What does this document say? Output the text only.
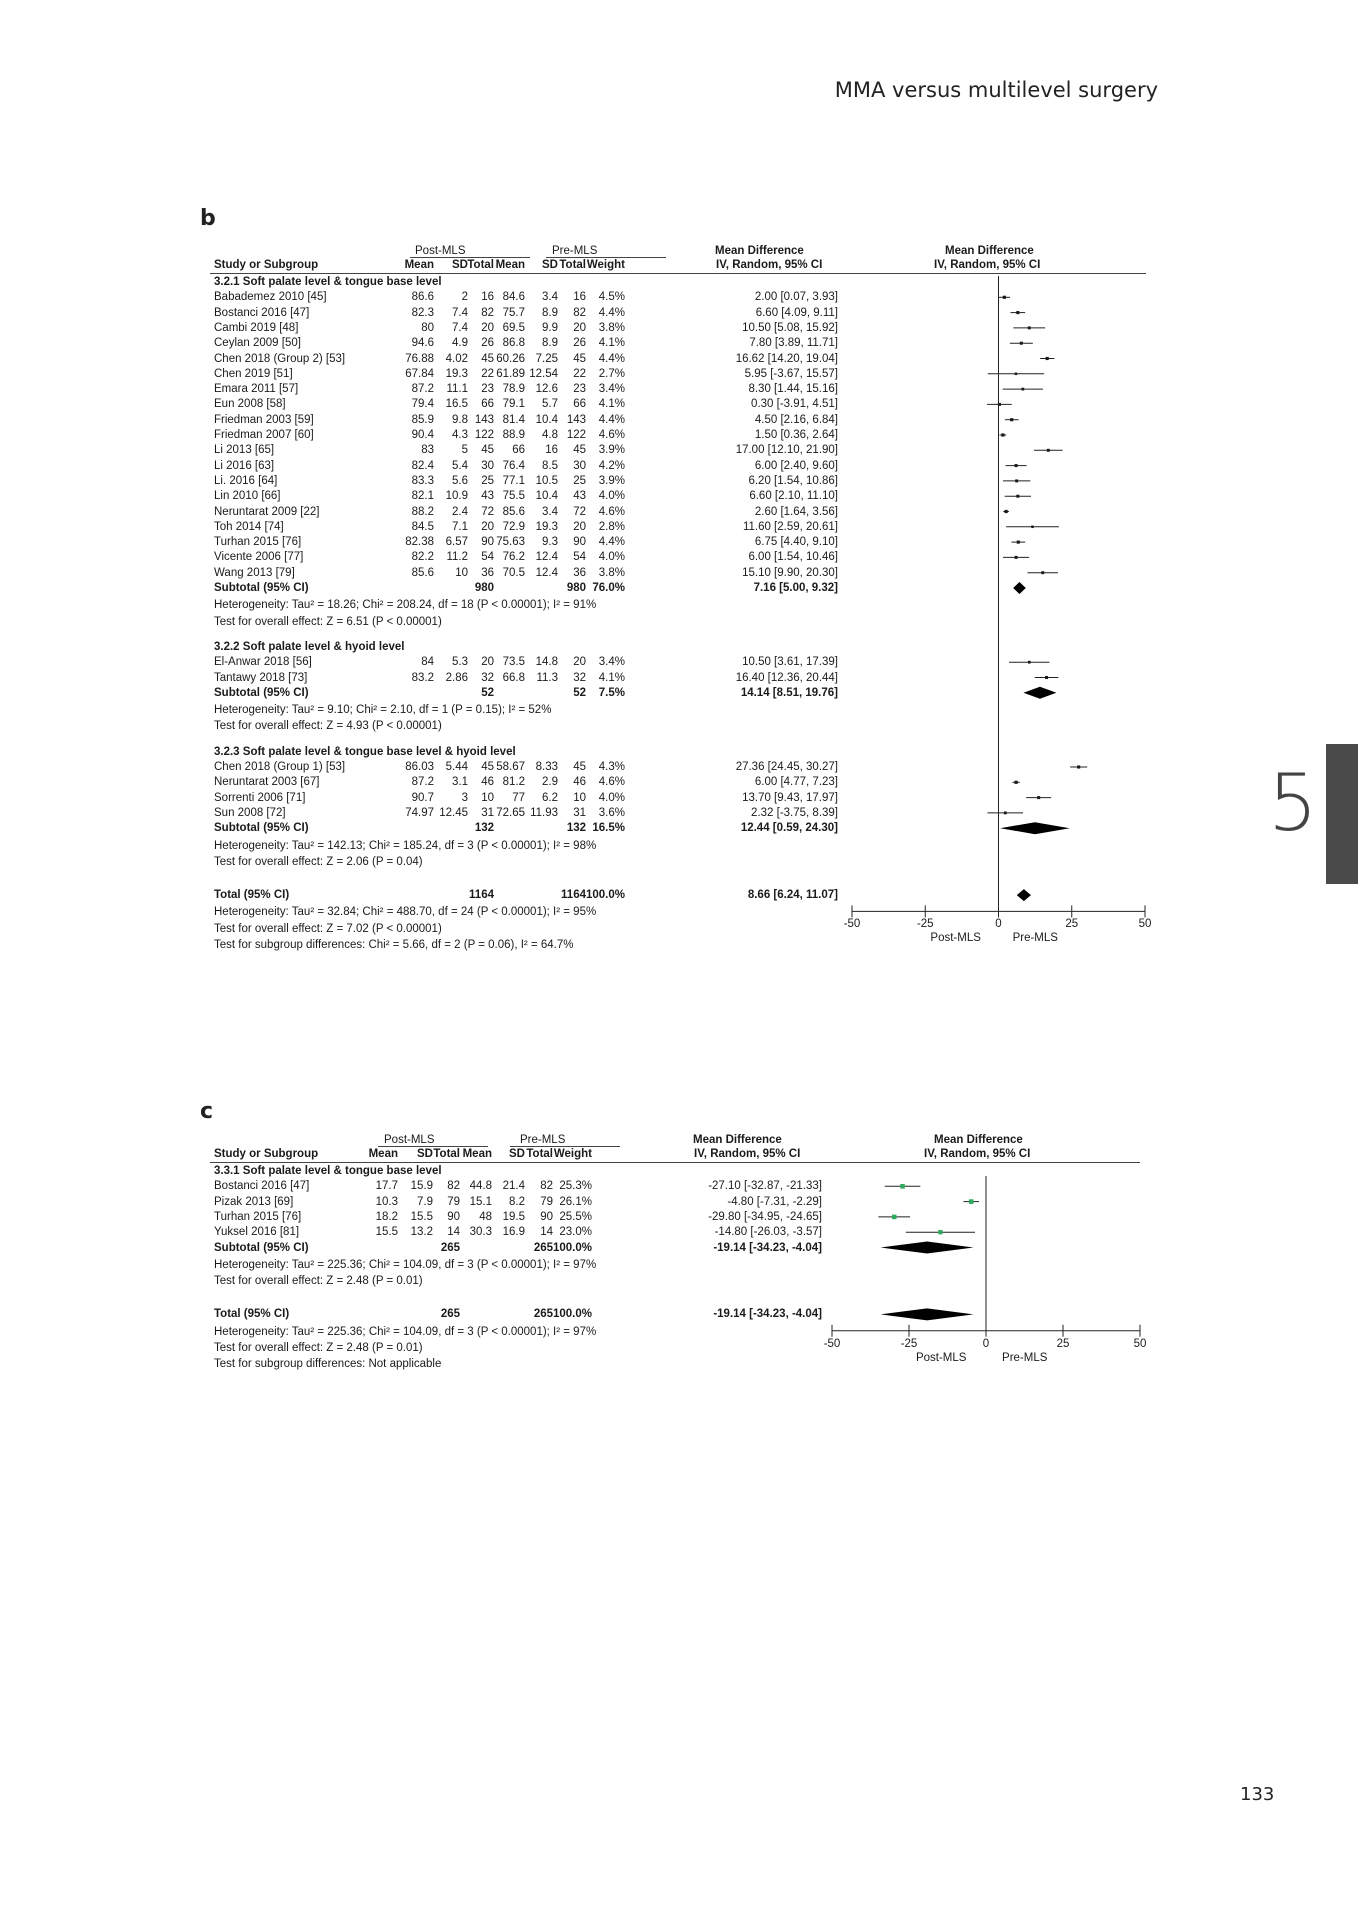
MMA versus multilevel surgery
b
Post-MLS	Pre-MLS	Mean Difference	Mean Difference
Study or Subgroup	Mean SD Total Mean SD Total Weight	IV, Random, 95% CI	IV, Random, 95% CI
3.2.1 Soft palate level & tongue base level
Babademez 2010 [45]	86.6 2 16 84.6 3.4 16 4.5%	2.00 [0.07, 3.93]
Bostanci 2016 [47]	82.3 7.4 82 75.7 8.9 82 4.4%	6.60 [4.09, 9.11]
Cambi 2019 [48]	80 7.4 20 69.5 9.9 20 3.8%	10.50 [5.08, 15.92]
Ceylan 2009 [50]	94.6 4.9 26 86.8 8.9 26 4.1%	7.80 [3.89, 11.71]
Chen 2018 (Group 2) [53]	76.88 4.02 45 60.26 7.25 45 4.4%	16.62 [14.20, 19.04]
Chen 2019 [51]	67.84 19.3 22 61.89 12.54 22 2.7%	5.95 [-3.67, 15.57]
Emara 2011 [57]	87.2 11.1 23 78.9 12.6 23 3.4%	8.30 [1.44, 15.16]
Eun 2008 [58]	79.4 16.5 66 79.1 5.7 66 4.1%	0.30 [-3.91, 4.51]
Friedman 2003 [59]	85.9 9.8 143 81.4 10.4 143 4.4%	4.50 [2.16, 6.84]
Friedman 2007 [60]	90.4 4.3 122 88.9 4.8 122 4.6%	1.50 [0.36, 2.64]
Li 2013 [65]	83 5 45 66 16 45 3.9%	17.00 [12.10, 21.90]
Li 2016 [63]	82.4 5.4 30 76.4 8.5 30 4.2%	6.00 [2.40, 9.60]
Li. 2016 [64]	83.3 5.6 25 77.1 10.5 25 3.9%	6.20 [1.54, 10.86]
Lin 2010 [66]	82.1 10.9 43 75.5 10.4 43 4.0%	6.60 [2.10, 11.10]
Neruntarat 2009 [22]	88.2 2.4 72 85.6 3.4 72 4.6%	2.60 [1.64, 3.56]
Toh 2014 [74]	84.5 7.1 20 72.9 19.3 20 2.8%	11.60 [2.59, 20.61]
Turhan 2015 [76]	82.38 6.57 90 75.63 9.3 90 4.4%	6.75 [4.40, 9.10]
Vicente 2006 [77]	82.2 11.2 54 76.2 12.4 54 4.0%	6.00 [1.54, 10.46]
Wang 2013 [79]	85.6 10 36 70.5 12.4 36 3.8%	15.10 [9.90, 20.30]
Subtotal (95% CI)	980	980 76.0%	7.16 [5.00, 9.32]
Heterogeneity: Tau² = 18.26; Chi² = 208.24, df = 18 (P < 0.00001); I² = 91%
Test for overall effect: Z = 6.51 (P < 0.00001)
3.2.2 Soft palate level & hyoid level
El-Anwar 2018 [56]	84 5.3 20 73.5 14.8 20 3.4%	10.50 [3.61, 17.39]
Tantawy 2018 [73]	83.2 2.86 32 66.8 11.3 32 4.1%	16.40 [12.36, 20.44]
Subtotal (95% CI)	52	52 7.5%	14.14 [8.51, 19.76]
Heterogeneity: Tau² = 9.10; Chi² = 2.10, df = 1 (P = 0.15); I² = 52%
Test for overall effect: Z = 4.93 (P < 0.00001)
3.2.3 Soft palate level & tongue base level & hyoid level
Chen 2018 (Group 1) [53]	86.03 5.44 45 58.67 8.33 45 4.3%	27.36 [24.45, 30.27]
Neruntarat 2003 [67]	87.2 3.1 46 81.2 2.9 46 4.6%	6.00 [4.77, 7.23]
Sorrenti 2006 [71]	90.7 3 10 77 6.2 10 4.0%	13.70 [9.43, 17.97]
Sun 2008 [72]	74.97 12.45 31 72.65 11.93 31 3.6%	2.32 [-3.75, 8.39]
Subtotal (95% CI)	132	132 16.5%	12.44 [0.59, 24.30]
Heterogeneity: Tau² = 142.13; Chi² = 185.24, df = 3 (P < 0.00001); I² = 98%
Test for overall effect: Z = 2.06 (P = 0.04)
Total (95% CI)	1164	1164 100.0%	8.66 [6.24, 11.07]
Heterogeneity: Tau² = 32.84; Chi² = 488.70, df = 24 (P < 0.00001); I² = 95%
Test for overall effect: Z = 7.02 (P < 0.00001)
Test for subgroup differences: Chi² = 5.66, df = 2 (P = 0.06), I² = 64.7%
-50	-25	0	25	50
Post-MLS	Pre-MLS
c
Post-MLS	Pre-MLS	Mean Difference	Mean Difference
Study or Subgroup	Mean SD Total Mean SD Total Weight	IV, Random, 95% CI	IV, Random, 95% CI
3.3.1 Soft palate level & tongue base level
Bostanci 2016 [47]	17.7 15.9 82 44.8 21.4 82 25.3%	-27.10 [-32.87, -21.33]
Pizak 2013 [69]	10.3 7.9 79 15.1 8.2 79 26.1%	-4.80 [-7.31, -2.29]
Turhan 2015 [76]	18.2 15.5 90 48 19.5 90 25.5%	-29.80 [-34.95, -24.65]
Yuksel 2016 [81]	15.5 13.2 14 30.3 16.9 14 23.0%	-14.80 [-26.03, -3.57]
Subtotal (95% CI)	265	265 100.0%	-19.14 [-34.23, -4.04]
Heterogeneity: Tau² = 225.36; Chi² = 104.09, df = 3 (P < 0.00001); I² = 97%
Test for overall effect: Z = 2.48 (P = 0.01)
Total (95% CI)	265	265 100.0%	-19.14 [-34.23, -4.04]
Heterogeneity: Tau² = 225.36; Chi² = 104.09, df = 3 (P < 0.00001); I² = 97%
Test for overall effect: Z = 2.48 (P = 0.01)
Test for subgroup differences: Not applicable
-50	-25	0	25	50
Post-MLS	Pre-MLS
5
133
